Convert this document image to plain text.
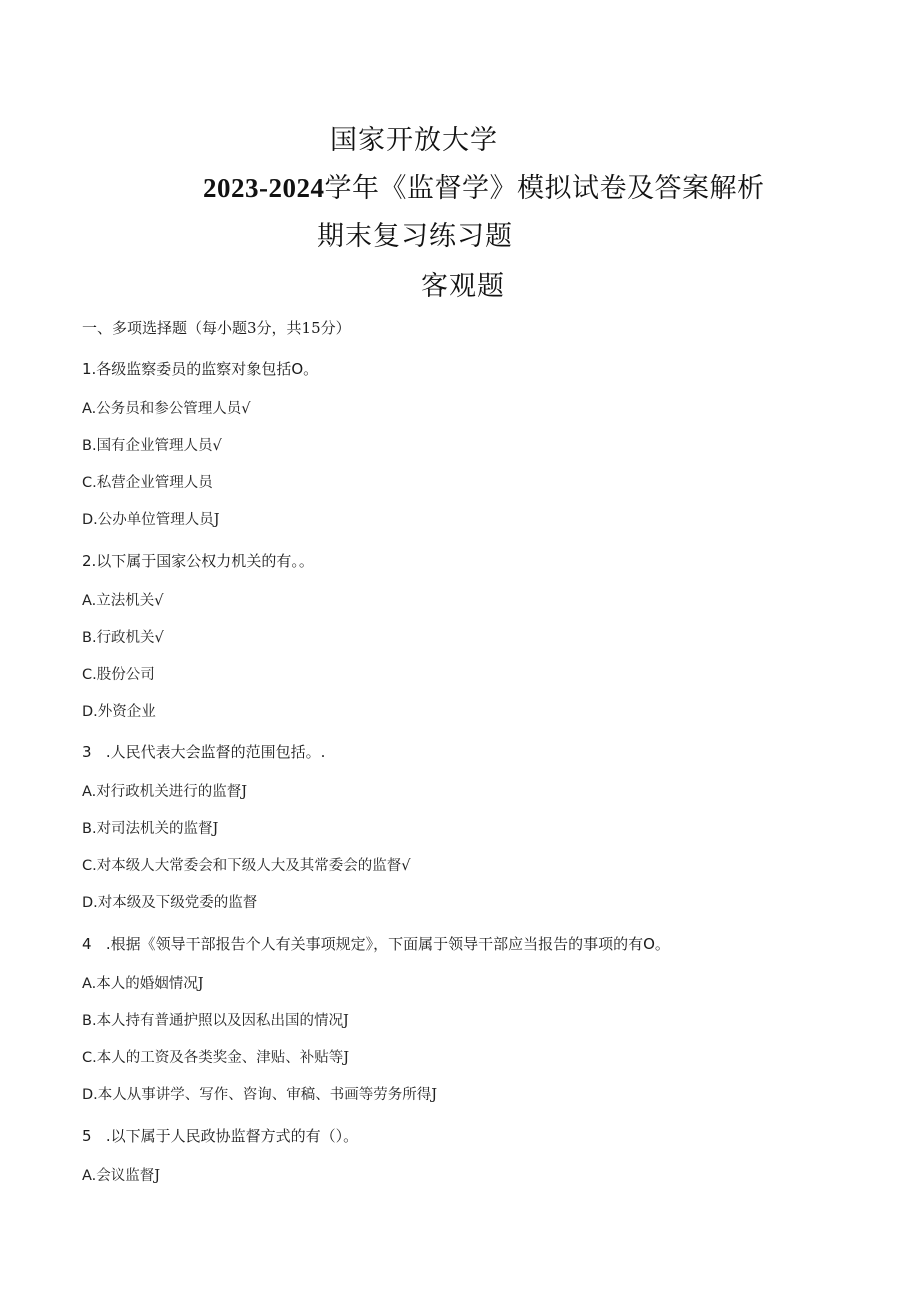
国家开放大学
2023-2024学年《监督学》模拟试卷及答案解析
期末复习练习题
客观题
一、多项选择题（每小题3分，共15分）
1.各级监察委员的监察对象包括O。
A.公务员和参公管理人员√
B.国有企业管理人员√
C.私营企业管理人员
D.公办单位管理人员J
2.以下属于国家公权力机关的有。。
A.立法机关√
B.行政机关√
C.股份公司
D.外资企业
3   .人民代表大会监督的范围包括。.
A.对行政机关进行的监督J
B.对司法机关的监督J
C.对本级人大常委会和下级人大及其常委会的监督√
D.对本级及下级党委的监督
4   .根据《领导干部报告个人有关事项规定》，下面属于领导干部应当报告的事项的有O。
A.本人的婚姻情况J
B.本人持有普通护照以及因私出国的情况J
C.本人的工资及各类奖金、津贴、补贴等J
D.本人从事讲学、写作、咨询、审稿、书画等劳务所得J
5   .以下属于人民政协监督方式的有（）。
A.会议监督J
